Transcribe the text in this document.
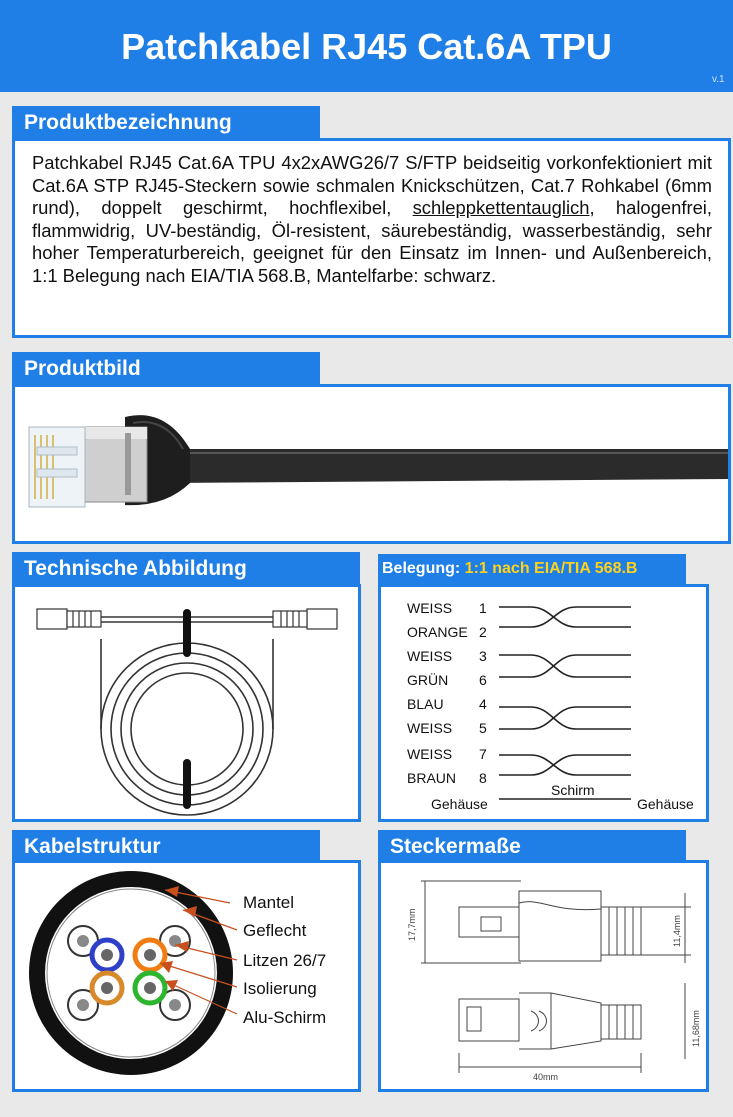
Patchkabel RJ45 Cat.6A TPU
v.1
Produktbezeichnung
Patchkabel RJ45 Cat.6A TPU 4x2xAWG26/7 S/FTP beidseitig vorkonfektioniert mit Cat.6A STP RJ45-Steckern sowie schmalen Knickschützen, Cat.7 Rohkabel (6mm rund), doppelt geschirmt, hochflexibel, schleppkettentauglich, halogenfrei, flammwidrig, UV-beständig, Öl-resistent, säurebeständig, wasserbeständig, sehr hoher Temperaturbereich, geeignet für den Einsatz im Innen- und Außenbereich, 1:1 Belegung nach EIA/TIA 568.B, Mantelfarbe: schwarz.
Produktbild
Technische Abbildung	Belegung: 1:1 nach EIA/TIA 568.B
WEISS 1
ORANGE 2
WEISS 3
GRÜN 6
BLAU	4
WEISS 5
WEISS 7
BRAUN 8
Schirm
Gehäuse	Gehäuse
Kabelstruktur
Mantel
Geflecht
Litzen 26/7
Isolierung
Alu-Schirm
Steckermaße
17,7mm	11,4mm
11,68mm
40mm
